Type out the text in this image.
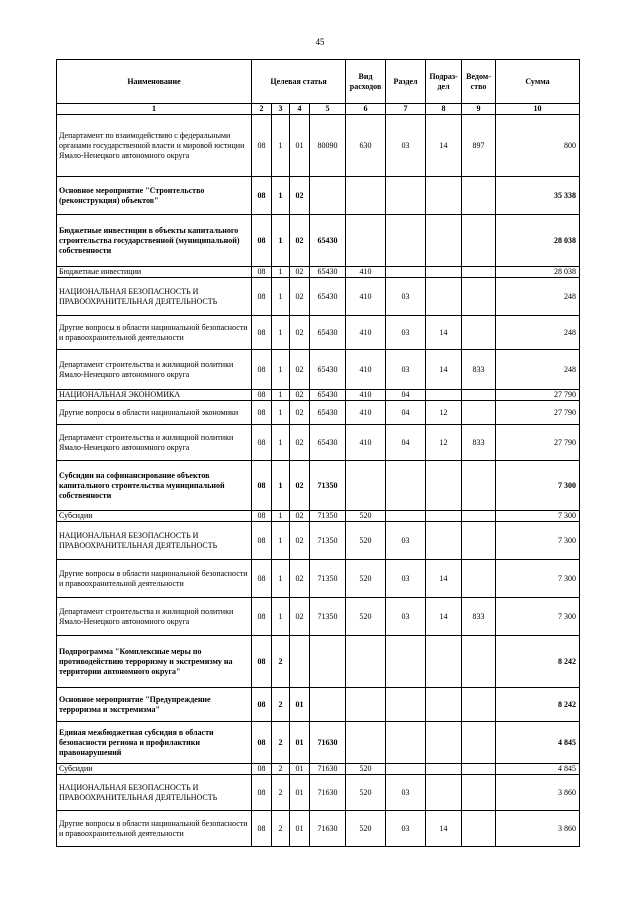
45
Наименование	Целевая статья				Вид расходов	Раздел	Подраз-дел	Ведом-ство	Сумма
1	2	3	4	5	6	7	8	9	10
Департамент по взаимодействию с федеральными органами государственной власти и мировой юстиции Ямало-Ненецкого автономного округа	08	1	01	80090	630	03	14	897	800
Основное мероприятие "Строительство (реконструкция) объектов"	08	1	02						35 338
Бюджетные инвестиции в объекты капитального строительства государственной (муниципальной) собственности	08	1	02	65430					28 038
Бюджетные инвестиции	08	1	02	65430	410				28 038
НАЦИОНАЛЬНАЯ БЕЗОПАСНОСТЬ И ПРАВООХРАНИТЕЛЬНАЯ ДЕЯТЕЛЬНОСТЬ	08	1	02	65430	410	03			248
Другие вопросы в области национальной безопасности и правоохранительной деятельности	08	1	02	65430	410	03	14		248
Департамент строительства и жилищной политики Ямало-Ненецкого автономного округа	08	1	02	65430	410	03	14	833	248
НАЦИОНАЛЬНАЯ ЭКОНОМИКА	08	1	02	65430	410	04			27 790
Другие вопросы в области национальной экономики	08	1	02	65430	410	04	12		27 790
Департамент строительства и жилищной политики Ямало-Ненецкого автономного округа	08	1	02	65430	410	04	12	833	27 790
Субсидии на софинансирование объектов капитального строительства муниципальной собственности	08	1	02	71350					7 300
Субсидии	08	1	02	71350	520				7 300
НАЦИОНАЛЬНАЯ БЕЗОПАСНОСТЬ И ПРАВООХРАНИТЕЛЬНАЯ ДЕЯТЕЛЬНОСТЬ	08	1	02	71350	520	03			7 300
Другие вопросы в области национальной безопасности и правоохранительной деятельности	08	1	02	71350	520	03	14		7 300
Департамент строительства и жилищной политики Ямало-Ненецкого автономного округа	08	1	02	71350	520	03	14	833	7 300
Подпрограмма "Комплексные меры по противодействию терроризму и экстремизму на территории автономного округа"	08	2							8 242
Основное мероприятие "Предупреждение терроризма и экстремизма"	08	2	01						8 242
Единая межбюджетная субсидия в области безопасности региона и профилактики правонарушений	08	2	01	71630					4 845
Субсидии	08	2	01	71630	520				4 845
НАЦИОНАЛЬНАЯ БЕЗОПАСНОСТЬ И ПРАВООХРАНИТЕЛЬНАЯ ДЕЯТЕЛЬНОСТЬ	08	2	01	71630	520	03			3 860
Другие вопросы в области национальной безопасности и правоохранительной деятельности	08	2	01	71630	520	03	14		3 860
